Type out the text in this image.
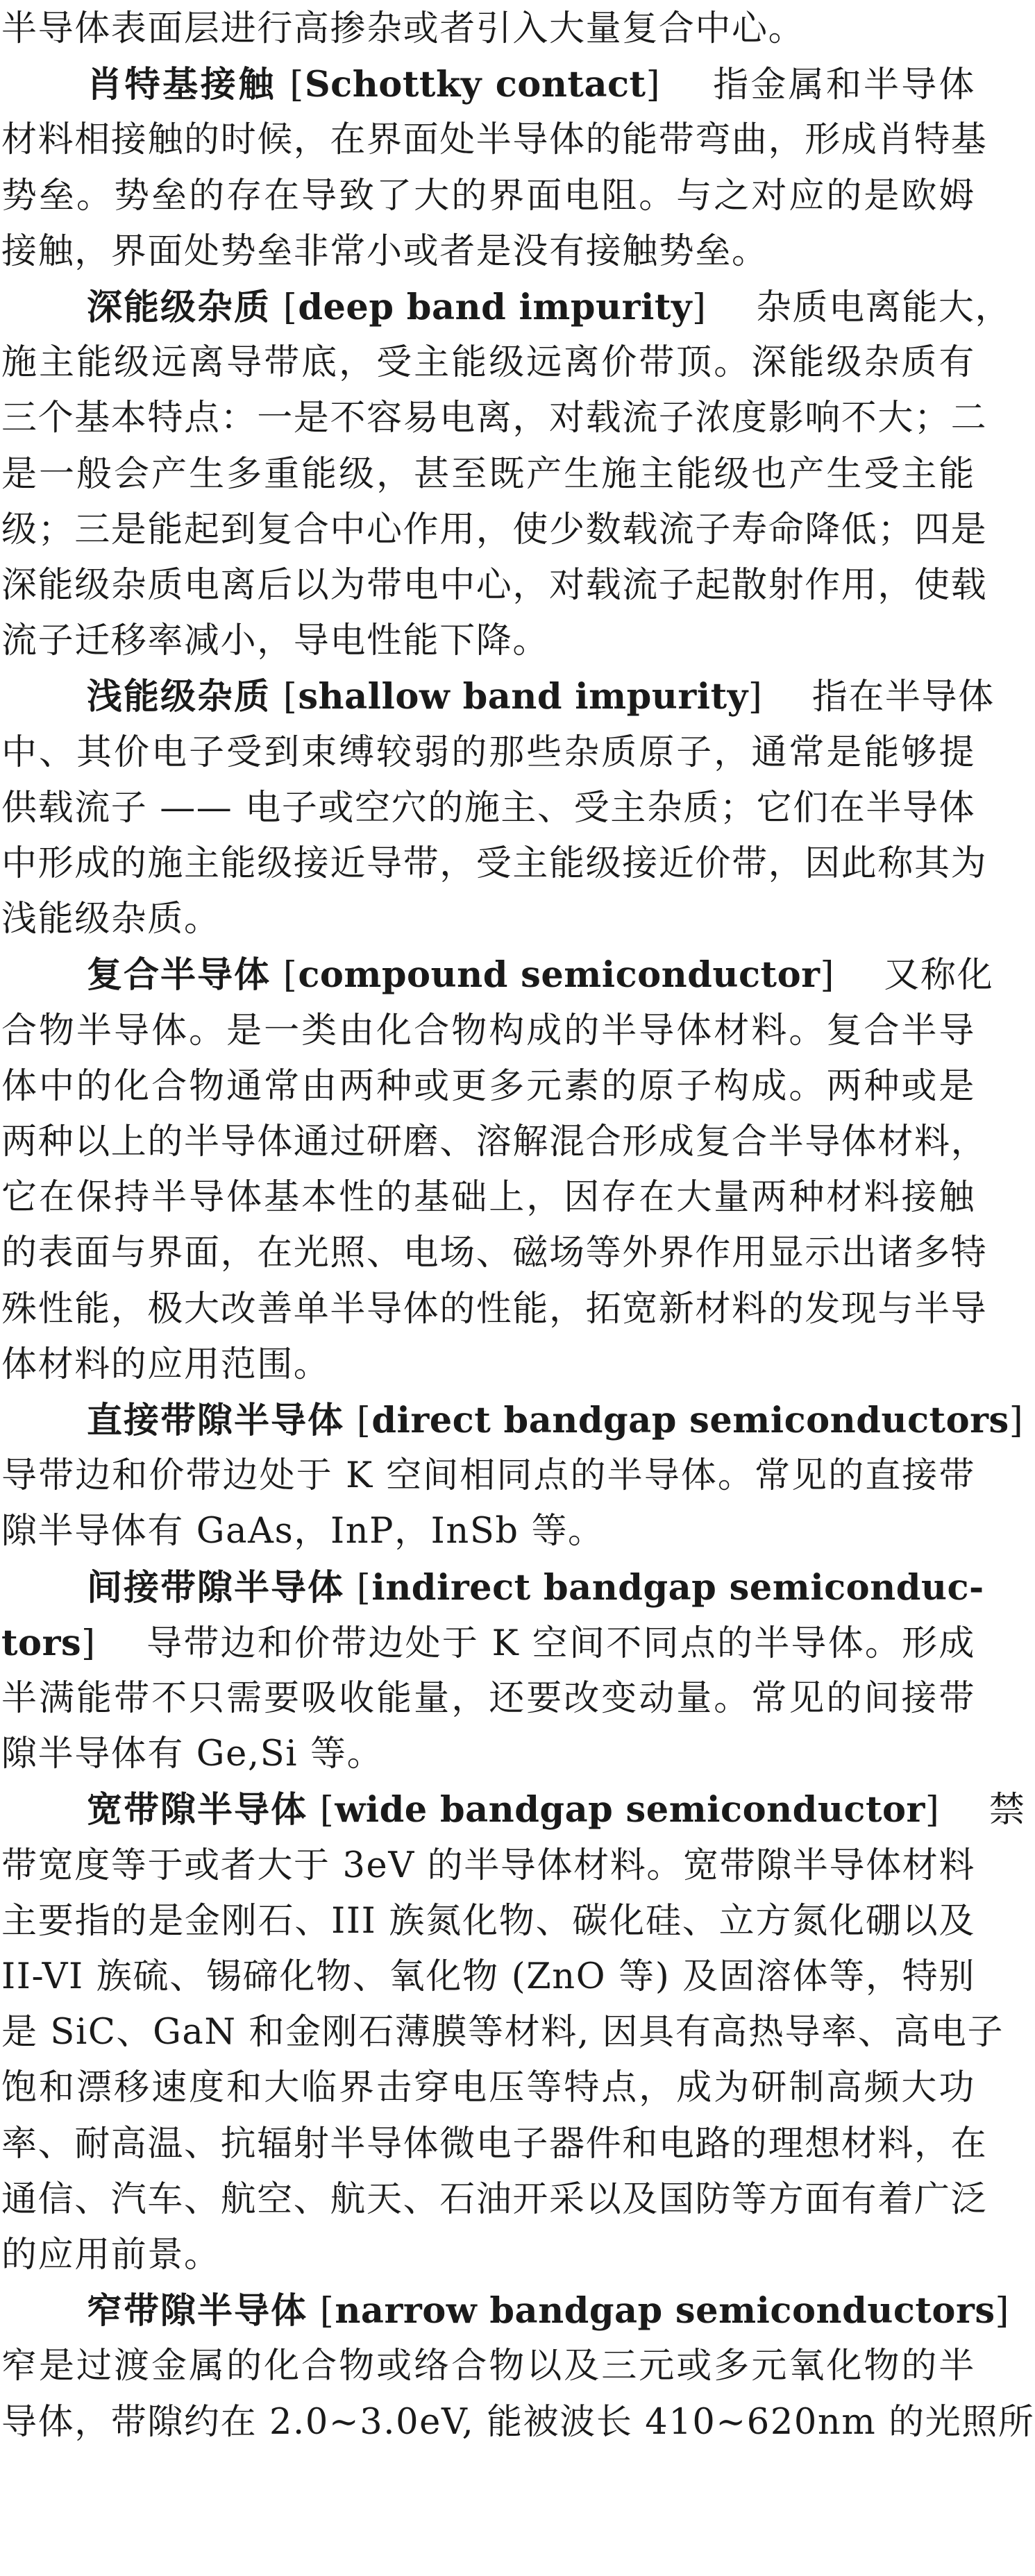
半导体表面层进行高掺杂或者引入大量复合中心。
肖特基接触 [Schottky contact]　 指金属和半导体
材料相接触的时候，在界面处半导体的能带弯曲，形成肖特基
势垒。势垒的存在导致了大的界面电阻。与之对应的是欧姆
接触，界面处势垒非常小或者是没有接触势垒。
深能级杂质 [deep band impurity]　 杂质电离能大，
施主能级远离导带底，受主能级远离价带顶。深能级杂质有
三个基本特点：一是不容易电离，对载流子浓度影响不大；二
是一般会产生多重能级，甚至既产生施主能级也产生受主能
级；三是能起到复合中心作用，使少数载流子寿命降低；四是
深能级杂质电离后以为带电中心，对载流子起散射作用，使载
流子迁移率减小，导电性能下降。
浅能级杂质 [shallow band impurity]　 指在半导体
中、其价电子受到束缚较弱的那些杂质原子，通常是能够提
供载流子 —— 电子或空穴的施主、受主杂质；它们在半导体
中形成的施主能级接近导带，受主能级接近价带，因此称其为
浅能级杂质。
复合半导体 [compound semiconductor]　 又称化
合物半导体。是一类由化合物构成的半导体材料。复合半导
体中的化合物通常由两种或更多元素的原子构成。两种或是
两种以上的半导体通过研磨、溶解混合形成复合半导体材料，
它在保持半导体基本性的基础上，因存在大量两种材料接触
的表面与界面，在光照、电场、磁场等外界作用显示出诸多特
殊性能，极大改善单半导体的性能，拓宽新材料的发现与半导
体材料的应用范围。
直接带隙半导体 [direct bandgap semiconductors]
导带边和价带边处于 K 空间相同点的半导体。常见的直接带
隙半导体有 GaAs，InP，InSb 等。
间接带隙半导体 [indirect bandgap semiconduc-
tors]　 导带边和价带边处于 K 空间不同点的半导体。形成
半满能带不只需要吸收能量，还要改变动量。常见的间接带
隙半导体有 Ge,Si 等。
宽带隙半导体 [wide bandgap semiconductor]　 禁
带宽度等于或者大于 3eV 的半导体材料。宽带隙半导体材料
主要指的是金刚石、III 族氮化物、碳化硅、立方氮化硼以及
II-VI 族硫、锡碲化物、氧化物 (ZnO 等) 及固溶体等，特别
是 SiC、GaN 和金刚石薄膜等材料, 因具有高热导率、高电子
饱和漂移速度和大临界击穿电压等特点，成为研制高频大功
率、耐高温、抗辐射半导体微电子器件和电路的理想材料，在
通信、汽车、航空、航天、石油开采以及国防等方面有着广泛
的应用前景。
窄带隙半导体 [narrow bandgap semiconductors]
窄是过渡金属的化合物或络合物以及三元或多元氧化物的半
导体，带隙约在 2.0∼3.0eV, 能被波长 410∼620nm 的光照所
